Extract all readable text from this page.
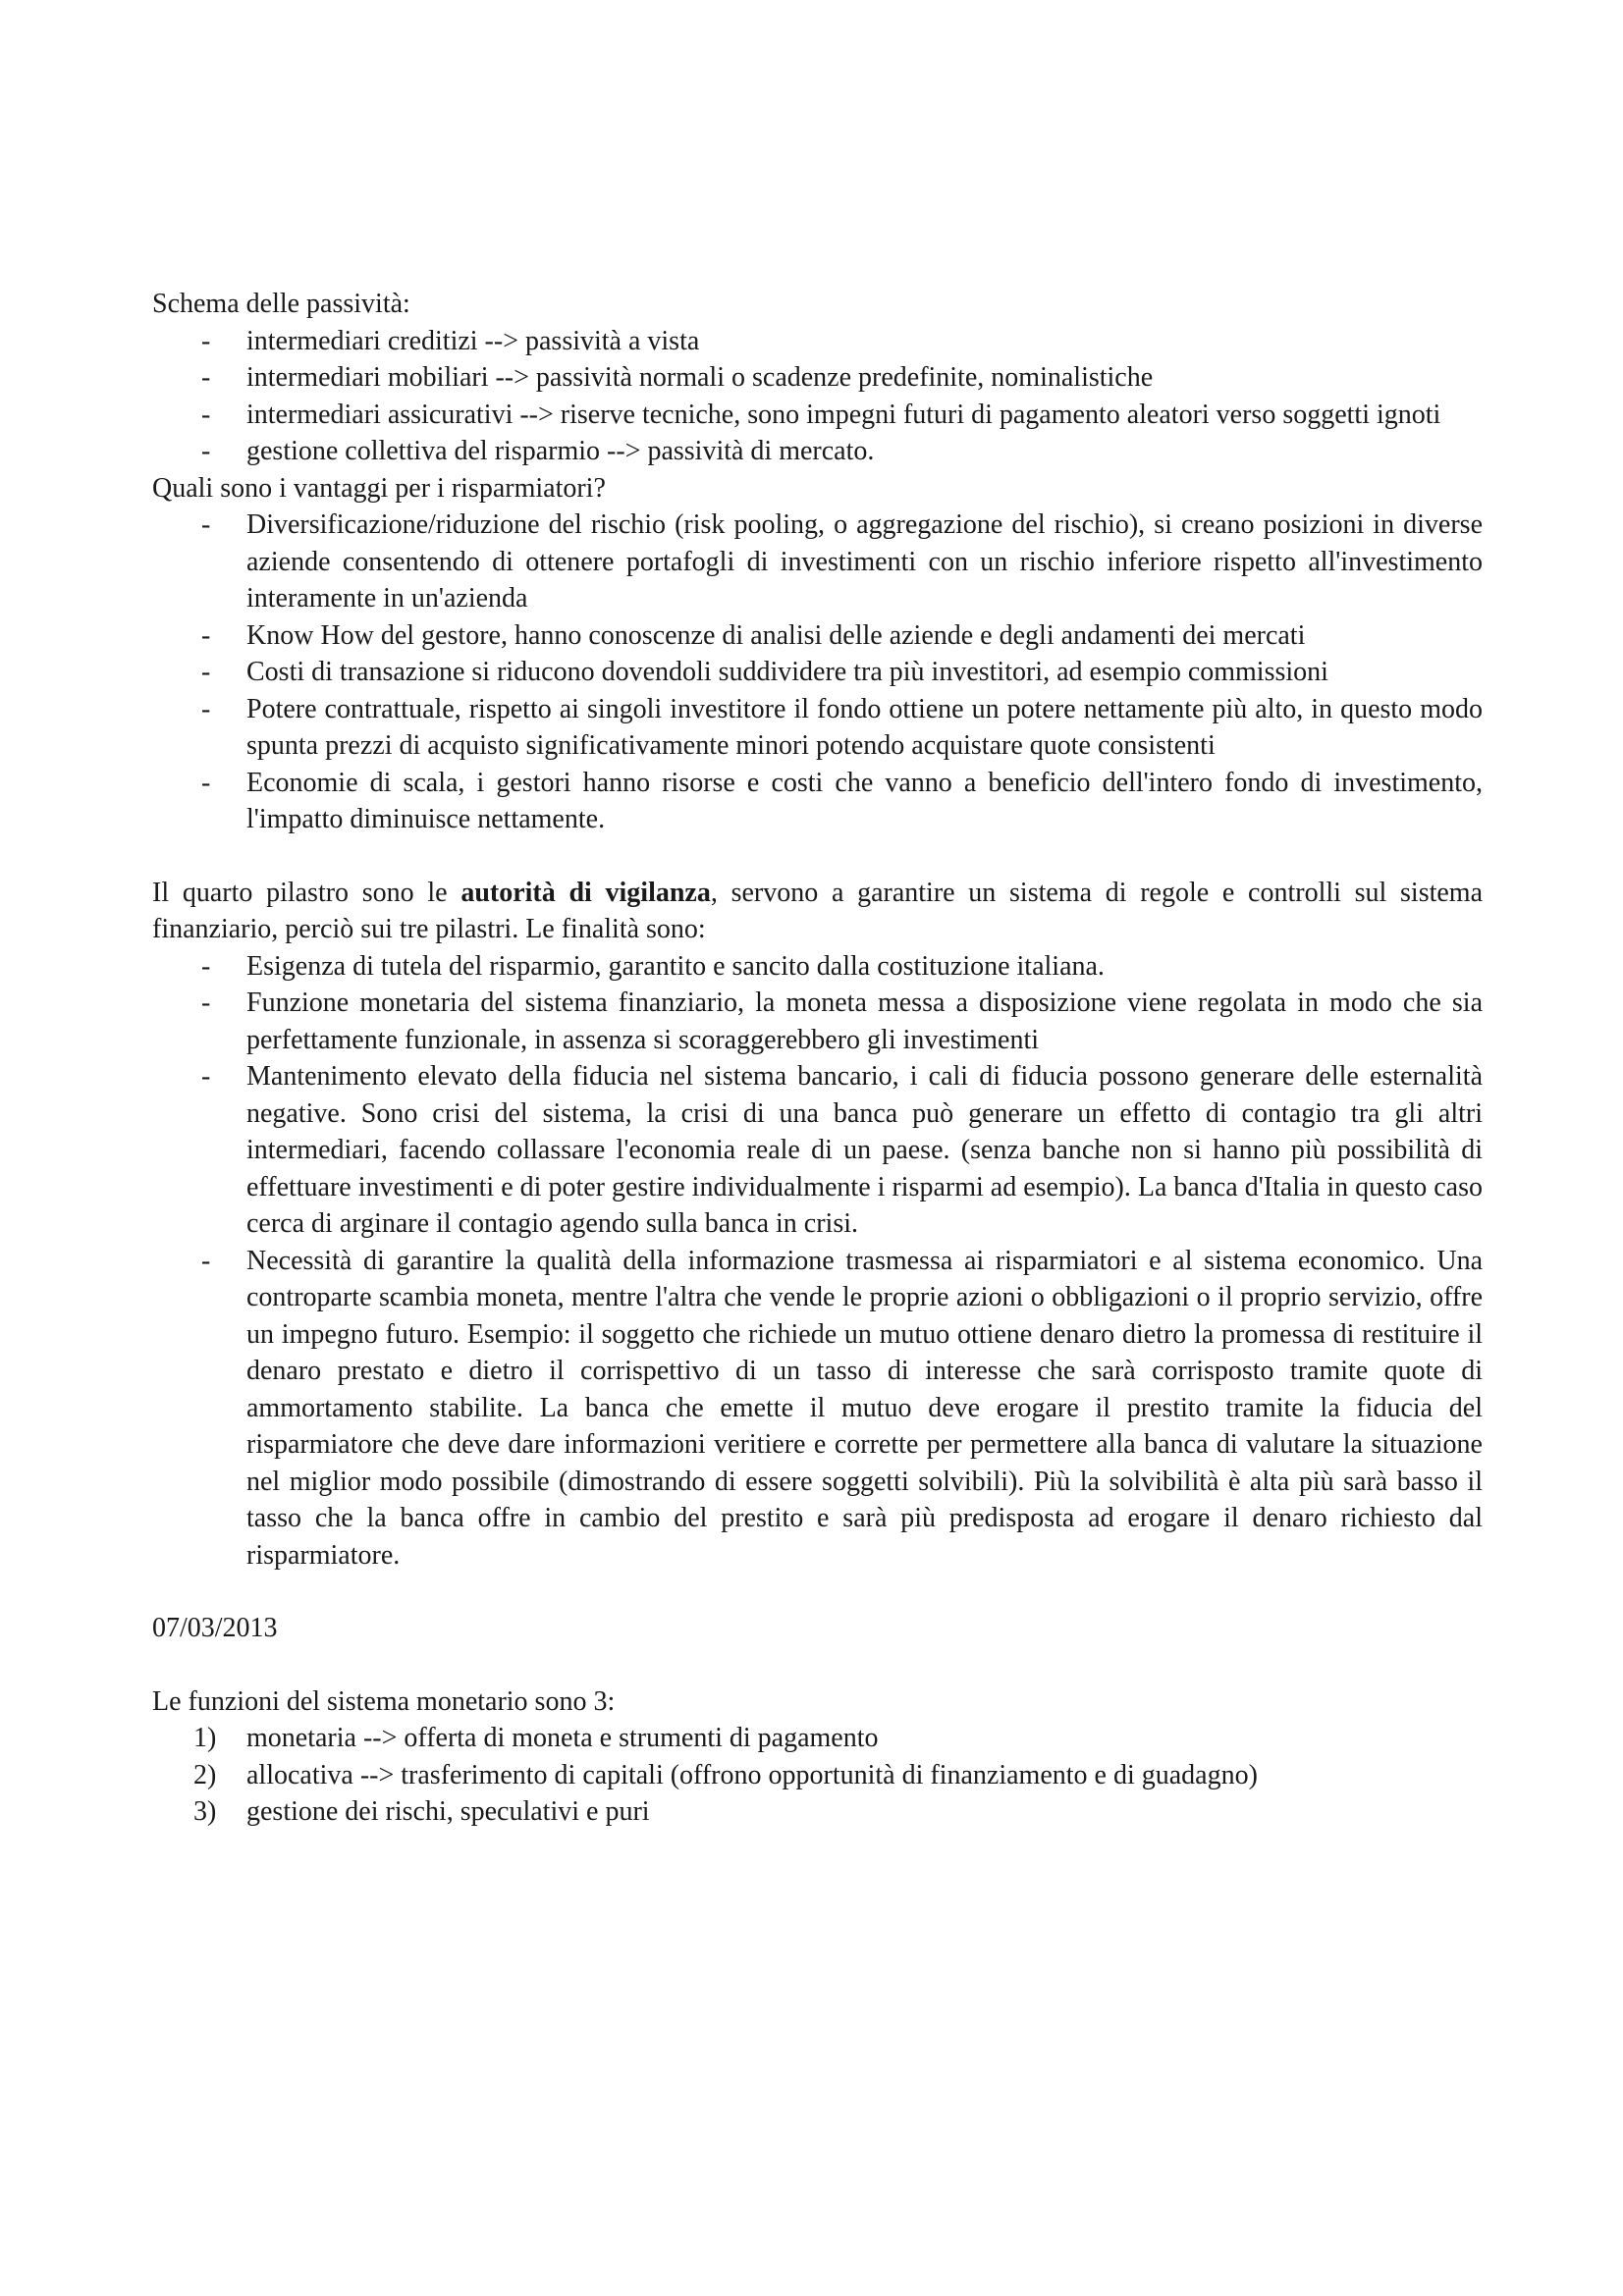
Schema delle passività:

- intermediari creditizi --> passività a vista
- intermediari mobiliari --> passività normali o scadenze predefinite, nominalistiche
- intermediari assicurativi --> riserve tecniche, sono impegni futuri di pagamento aleatori verso soggetti ignoti
- gestione collettiva del risparmio --> passività di mercato.

Quali sono i vantaggi per i risparmiatori?

- Diversificazione/riduzione del rischio (risk pooling, o aggregazione del rischio), si creano posizioni in diverse aziende consentendo di ottenere portafogli di investimenti con un rischio inferiore rispetto all'investimento interamente in un'azienda
- Know How del gestore, hanno conoscenze di analisi delle aziende e degli andamenti dei mercati
- Costi di transazione si riducono dovendoli suddividere tra più investitori, ad esempio commissioni
- Potere contrattuale, rispetto ai singoli investitore il fondo ottiene un potere nettamente più alto, in questo modo spunta prezzi di acquisto significativamente minori potendo acquistare quote consistenti
- Economie di scala, i gestori hanno risorse e costi che vanno a beneficio dell'intero fondo di investimento, l'impatto diminuisce nettamente.

Il quarto pilastro sono le autorità di vigilanza, servono a garantire un sistema di regole e controlli sul sistema finanziario, perciò sui tre pilastri. Le finalità sono:

- Esigenza di tutela del risparmio, garantito e sancito dalla costituzione italiana.
- Funzione monetaria del sistema finanziario, la moneta messa a disposizione viene regolata in modo che sia perfettamente funzionale, in assenza si scoraggerebbero gli investimenti
- Mantenimento elevato della fiducia nel sistema bancario, i cali di fiducia possono generare delle esternalità negative. Sono crisi del sistema, la crisi di una banca può generare un effetto di contagio tra gli altri intermediari, facendo collassare l'economia reale di un paese. (senza banche non si hanno più possibilità di effettuare investimenti e di poter gestire individualmente i risparmi ad esempio). La banca d'Italia in questo caso cerca di arginare il contagio agendo sulla banca in crisi.
- Necessità di garantire la qualità della informazione trasmessa ai risparmiatori e al sistema economico. Una controparte scambia moneta, mentre l'altra che vende le proprie azioni o obbligazioni o il proprio servizio, offre un impegno futuro. Esempio: il soggetto che richiede un mutuo ottiene denaro dietro la promessa di restituire il denaro prestato e dietro il corrispettivo di un tasso di interesse che sarà corrisposto tramite quote di ammortamento stabilite. La banca che emette il mutuo deve erogare il prestito tramite la fiducia del risparmiatore che deve dare informazioni veritiere e corrette per permettere alla banca di valutare la situazione nel miglior modo possibile (dimostrando di essere soggetti solvibili). Più la solvibilità è alta più sarà basso il tasso che la banca offre in cambio del prestito e sarà più predisposta ad erogare il denaro richiesto dal risparmiatore.

07/03/2013

Le funzioni del sistema monetario sono 3:

1) monetaria --> offerta di moneta e strumenti di pagamento
2) allocativa --> trasferimento di capitali (offrono opportunità di finanziamento e di guadagno)
3) gestione dei rischi, speculativi e puri
